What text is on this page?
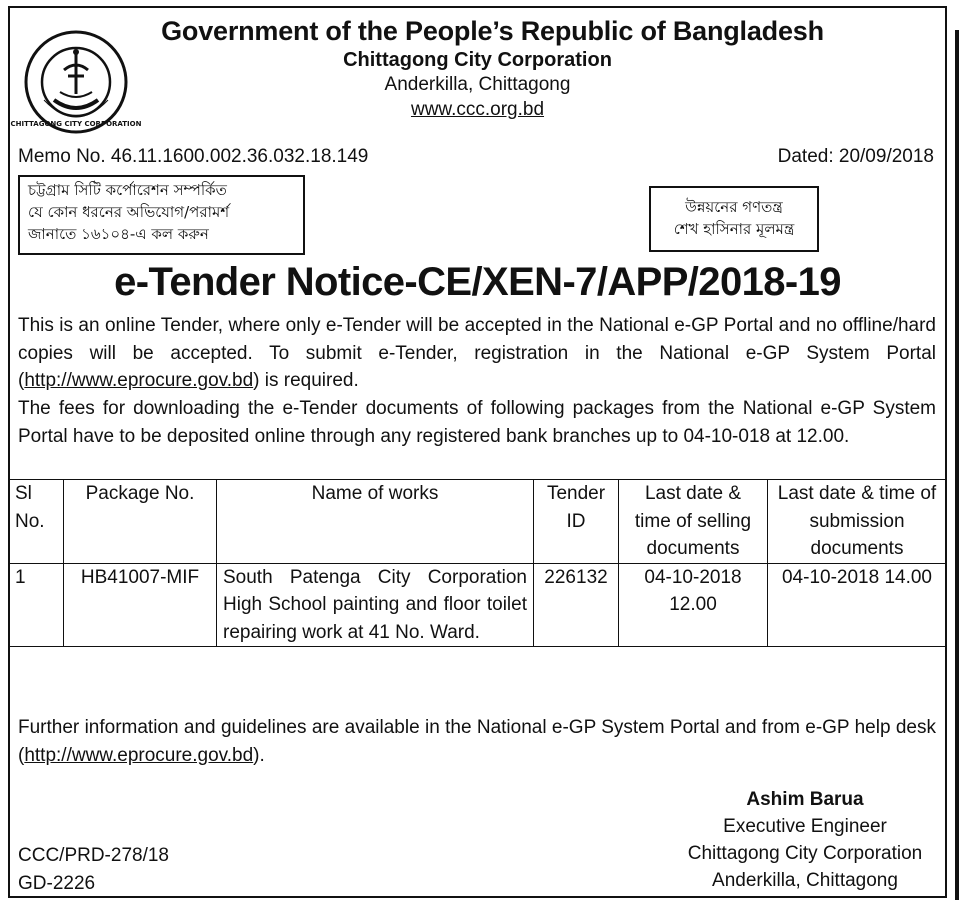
CHITTAGONG CITY CORPORATION
Government of the People’s Republic of Bangladesh
Chittagong City Corporation
Anderkilla, Chittagong
www.ccc.org.bd
Memo No. 46.11.1600.002.36.032.18.149	Dated: 20/09/2018
চট্টগ্রাম সিটি কর্পোরেশন সম্পর্কিত
যে কোন ধরনের অভিযোগ/পরামর্শ
জানাতে ১৬১০৪-এ কল করুন
উন্নয়নের গণতন্ত্র
শেখ হাসিনার মূলমন্ত্র
e-Tender Notice-CE/XEN-7/APP/2018-19

This is an online Tender, where only e-Tender will be accepted in the National e-GP Portal and no offline/hard copies will be accepted. To submit e-Tender, registration in the National e-GP System Portal (http://www.eprocure.gov.bd) is required.

The fees for downloading the e-Tender documents of following packages from the National e-GP System Portal have to be deposited online through any registered bank branches up to 04-10-018 at 12.00.

Sl No.	Package No.	Name of works	Tender ID	Last date & time of selling documents	Last date & time of submission documents
1	HB41007-MIF	South Patenga City Corporation High School painting and floor toilet repairing work at 41 No. Ward.	226132	04-10-2018 12.00	04-10-2018 14.00

Further information and guidelines are available in the National e-GP System Portal and from e-GP help desk (http://www.eprocure.gov.bd).

Ashim Barua
Executive Engineer
Chittagong City Corporation
Anderkilla, Chittagong
CCC/PRD-278/18
GD-2226
